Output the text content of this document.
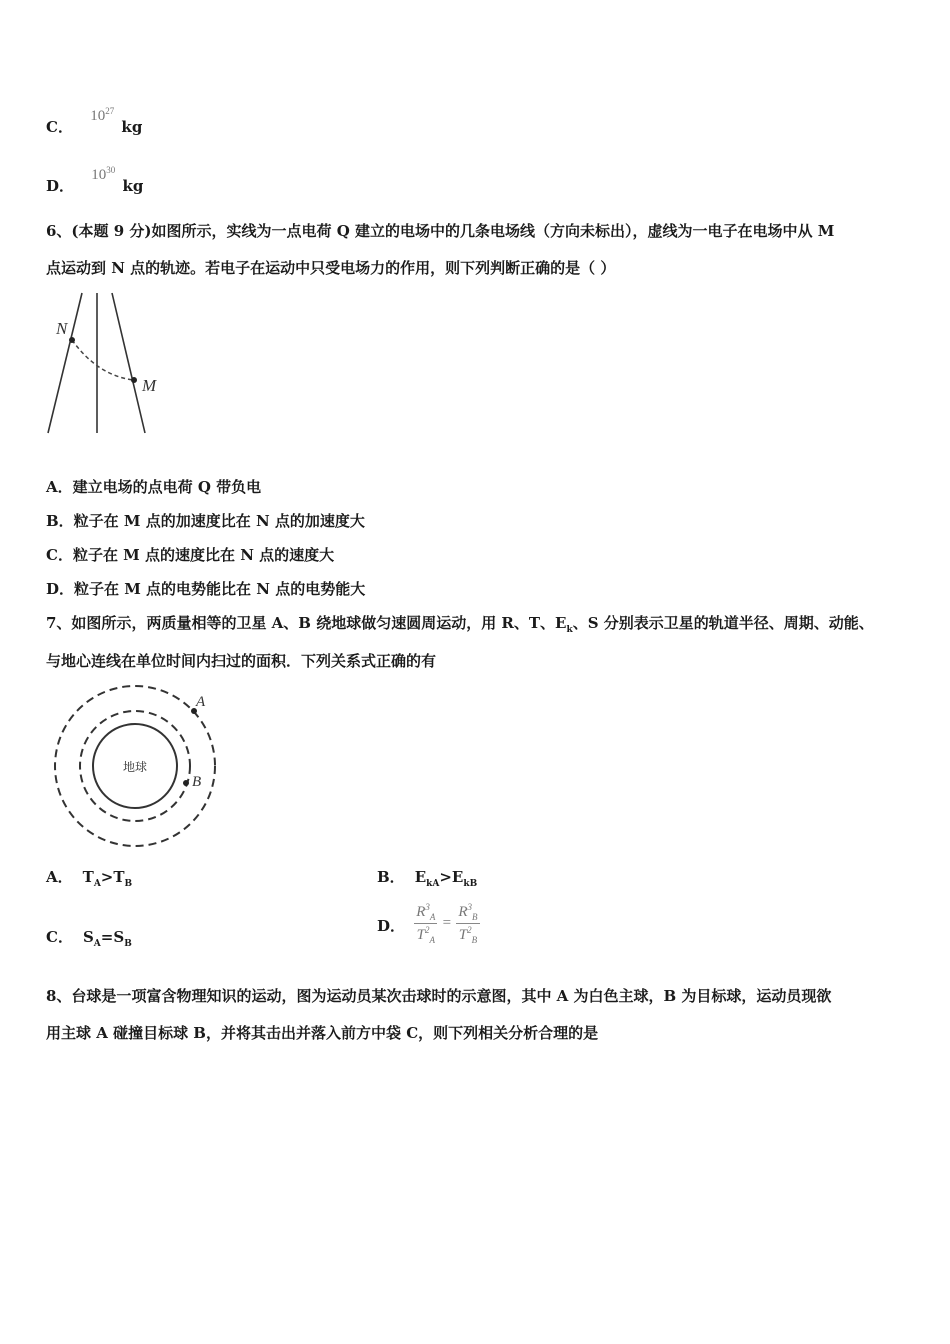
C． $10^{27}$ kg
D． $10^{30}$ kg
6、(本题 9 分)如图所示，实线为一点电荷 Q 建立的电场中的几条电场线（方向未标出），虚线为一电子在电场中从 M
点运动到 N 点的轨迹。若电子在运动中只受电场力的作用，则下列判断正确的是（ ）
N
M
A．建立电场的点电荷 Q 带负电
B．粒子在 M 点的加速度比在 N 点的加速度大
C．粒子在 M 点的速度比在 N 点的速度大
D．粒子在 M 点的电势能比在 N 点的电势能大
7、如图所示，两质量相等的卫星 A、B 绕地球做匀速圆周运动，用 R、T、$E_k$、S 分别表示卫星的轨道半径、周期、动能、
与地心连线在单位时间内扫过的面积．下列关系式正确的有
地球
A
B
A． $T_A>T_B$	B． $E_{kA}>E_{kB}$
C． $S_A=S_B$
D． $\frac{R^3_A}{T^2_A} = \frac{R^3_B}{T^2_B}$
8、台球是一项富含物理知识的运动，图为运动员某次击球时的示意图，其中 A 为白色主球，B 为目标球，运动员现欲
用主球 A 碰撞目标球 B，并将其击出并落入前方中袋 C，则下列相关分析合理的是
